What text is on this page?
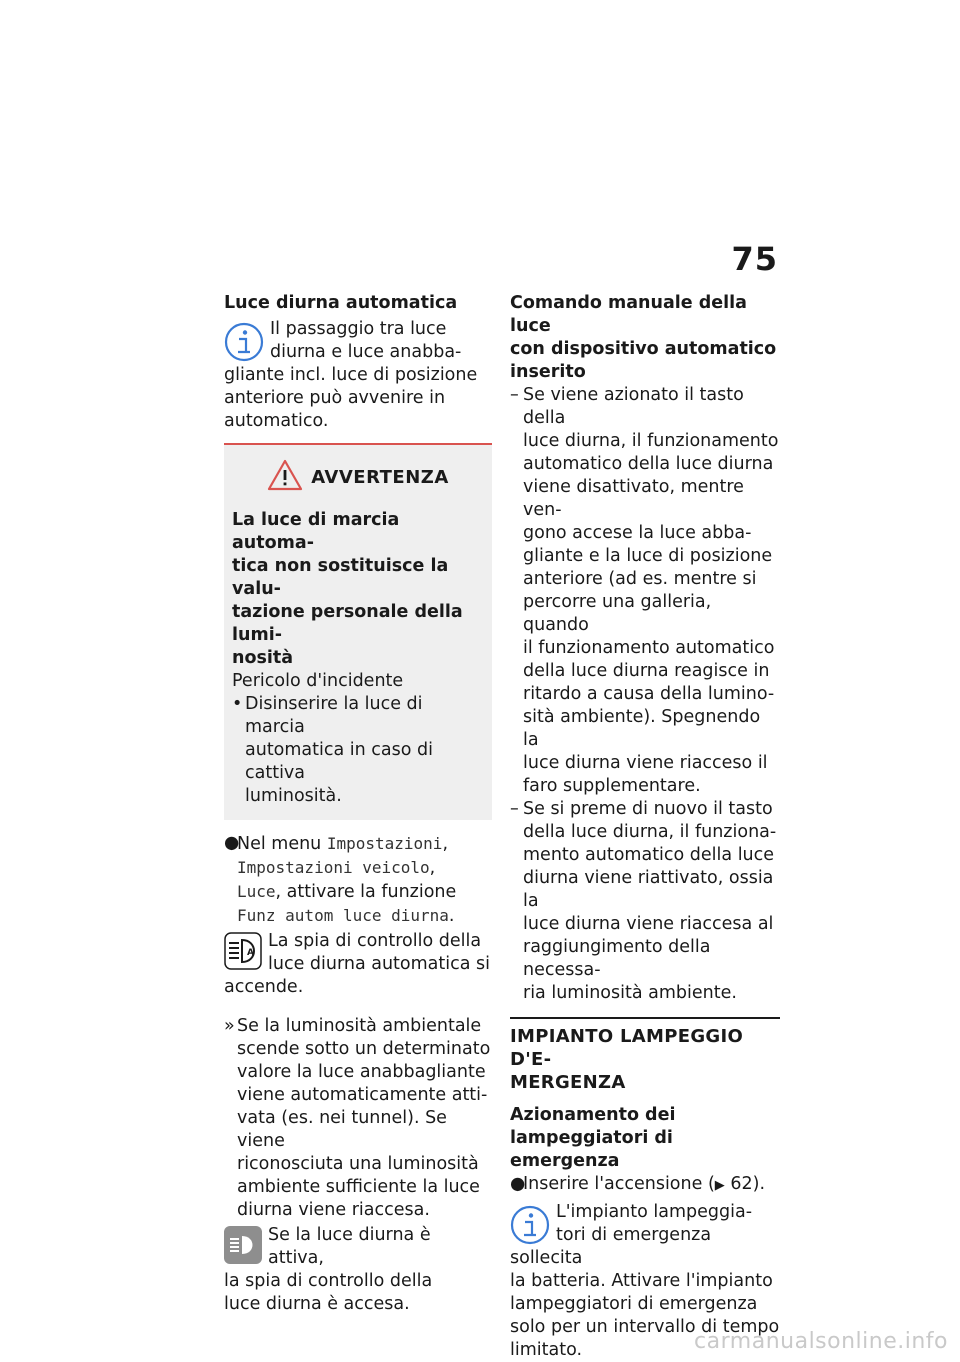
75

Luce diurna automatica

Il passaggio tra luce

diurna e luce anabba-

gliante incl. luce di posizione

anteriore può avvenire in

automatico.

AVVERTENZA

La luce di marcia automa-

tica non sostituisce la valu-

tazione personale della lumi-

nosità

Pericolo d'incidente

• Disinserire la luce di marcia
automatica in caso di cattiva
luminosità.
●
Nel menu Impostazioni,
Impostazioni veicolo,
Luce, attivare la funzione
Funz autom luce diurna.
A

La spia di controllo della

luce diurna automatica si

accende.

» Se la luminosità ambientale
scende sotto un determinato
valore la luce anabbagliante
viene automaticamente atti-
vata (es. nei tunnel). Se viene
riconosciuta una luminosità
ambiente sufficiente la luce
diurna viene riaccesa.

Se la luce diurna è attiva,

la spia di controllo della

luce diurna è accesa.

Comando manuale della luce

con dispositivo automatico

inserito

– Se viene azionato il tasto della
luce diurna, il funzionamento
automatico della luce diurna
viene disattivato, mentre ven-
gono accese la luce abba-
gliante e la luce di posizione
anteriore (ad es. mentre si
percorre una galleria, quando
il funzionamento automatico
della luce diurna reagisce in
ritardo a causa della lumino-
sità ambiente). Spegnendo la
luce diurna viene riacceso il
faro supplementare.
– Se si preme di nuovo il tasto
della luce diurna, il funziona-
mento automatico della luce
diurna viene riattivato, ossia la
luce diurna viene riaccesa al
raggiungimento della necessa-
ria luminosità ambiente.

IMPIANTO LAMPEGGIO D'E-

MERGENZA

Azionamento dei

lampeggiatori di emergenza

●
Inserire l'accensione (▶ 62).

L'impianto lampeggia-

tori di emergenza sollecita

la batteria. Attivare l'impianto

lampeggiatori di emergenza

solo per un intervallo di tempo

limitato.	carmanualsonline.info
